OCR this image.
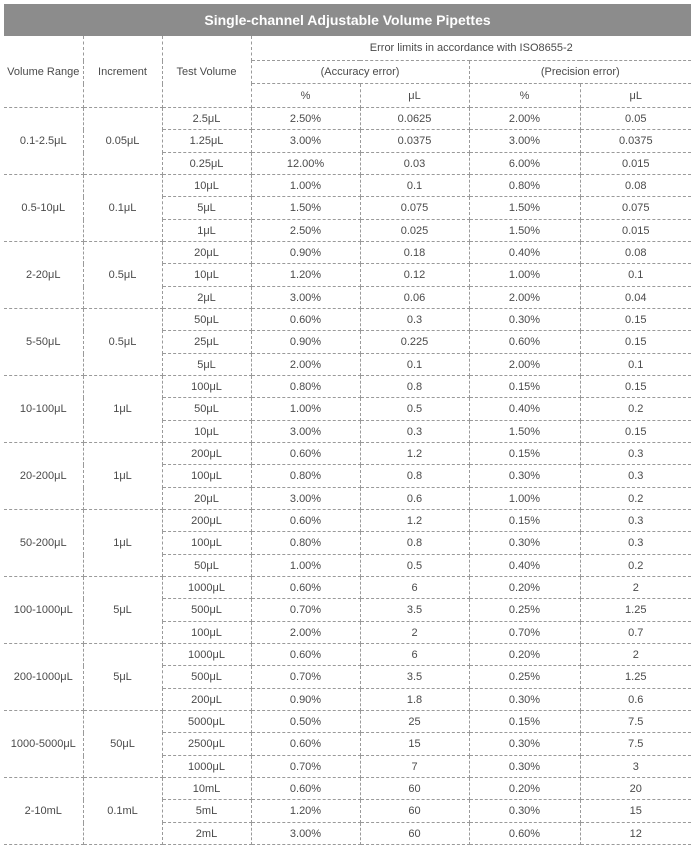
Single-channel Adjustable Volume Pipettes
Volume Range	Increment	Test Volume	Error limits in accordance with ISO8655-2			
			(Accuracy error)		(Precision error)	
			%	μL	%	μL
0.1-2.5μL	0.05μL	2.5μL	2.50%	0.0625	2.00%	0.05
		1.25μL	3.00%	0.0375	3.00%	0.0375
		0.25μL	12.00%	0.03	6.00%	0.015
0.5-10μL	0.1μL	10μL	1.00%	0.1	0.80%	0.08
		5μL	1.50%	0.075	1.50%	0.075
		1μL	2.50%	0.025	1.50%	0.015
2-20μL	0.5μL	20μL	0.90%	0.18	0.40%	0.08
		10μL	1.20%	0.12	1.00%	0.1
		2μL	3.00%	0.06	2.00%	0.04
5-50μL	0.5μL	50μL	0.60%	0.3	0.30%	0.15
		25μL	0.90%	0.225	0.60%	0.15
		5μL	2.00%	0.1	2.00%	0.1
10-100μL	1μL	100μL	0.80%	0.8	0.15%	0.15
		50μL	1.00%	0.5	0.40%	0.2
		10μL	3.00%	0.3	1.50%	0.15
20-200μL	1μL	200μL	0.60%	1.2	0.15%	0.3
		100μL	0.80%	0.8	0.30%	0.3
		20μL	3.00%	0.6	1.00%	0.2
50-200μL	1μL	200μL	0.60%	1.2	0.15%	0.3
		100μL	0.80%	0.8	0.30%	0.3
		50μL	1.00%	0.5	0.40%	0.2
100-1000μL	5μL	1000μL	0.60%	6	0.20%	2
		500μL	0.70%	3.5	0.25%	1.25
		100μL	2.00%	2	0.70%	0.7
200-1000μL	5μL	1000μL	0.60%	6	0.20%	2
		500μL	0.70%	3.5	0.25%	1.25
		200μL	0.90%	1.8	0.30%	0.6
1000-5000μL	50μL	5000μL	0.50%	25	0.15%	7.5
		2500μL	0.60%	15	0.30%	7.5
		1000μL	0.70%	7	0.30%	3
2-10mL	0.1mL	10mL	0.60%	60	0.20%	20
		5mL	1.20%	60	0.30%	15
		2mL	3.00%	60	0.60%	12
